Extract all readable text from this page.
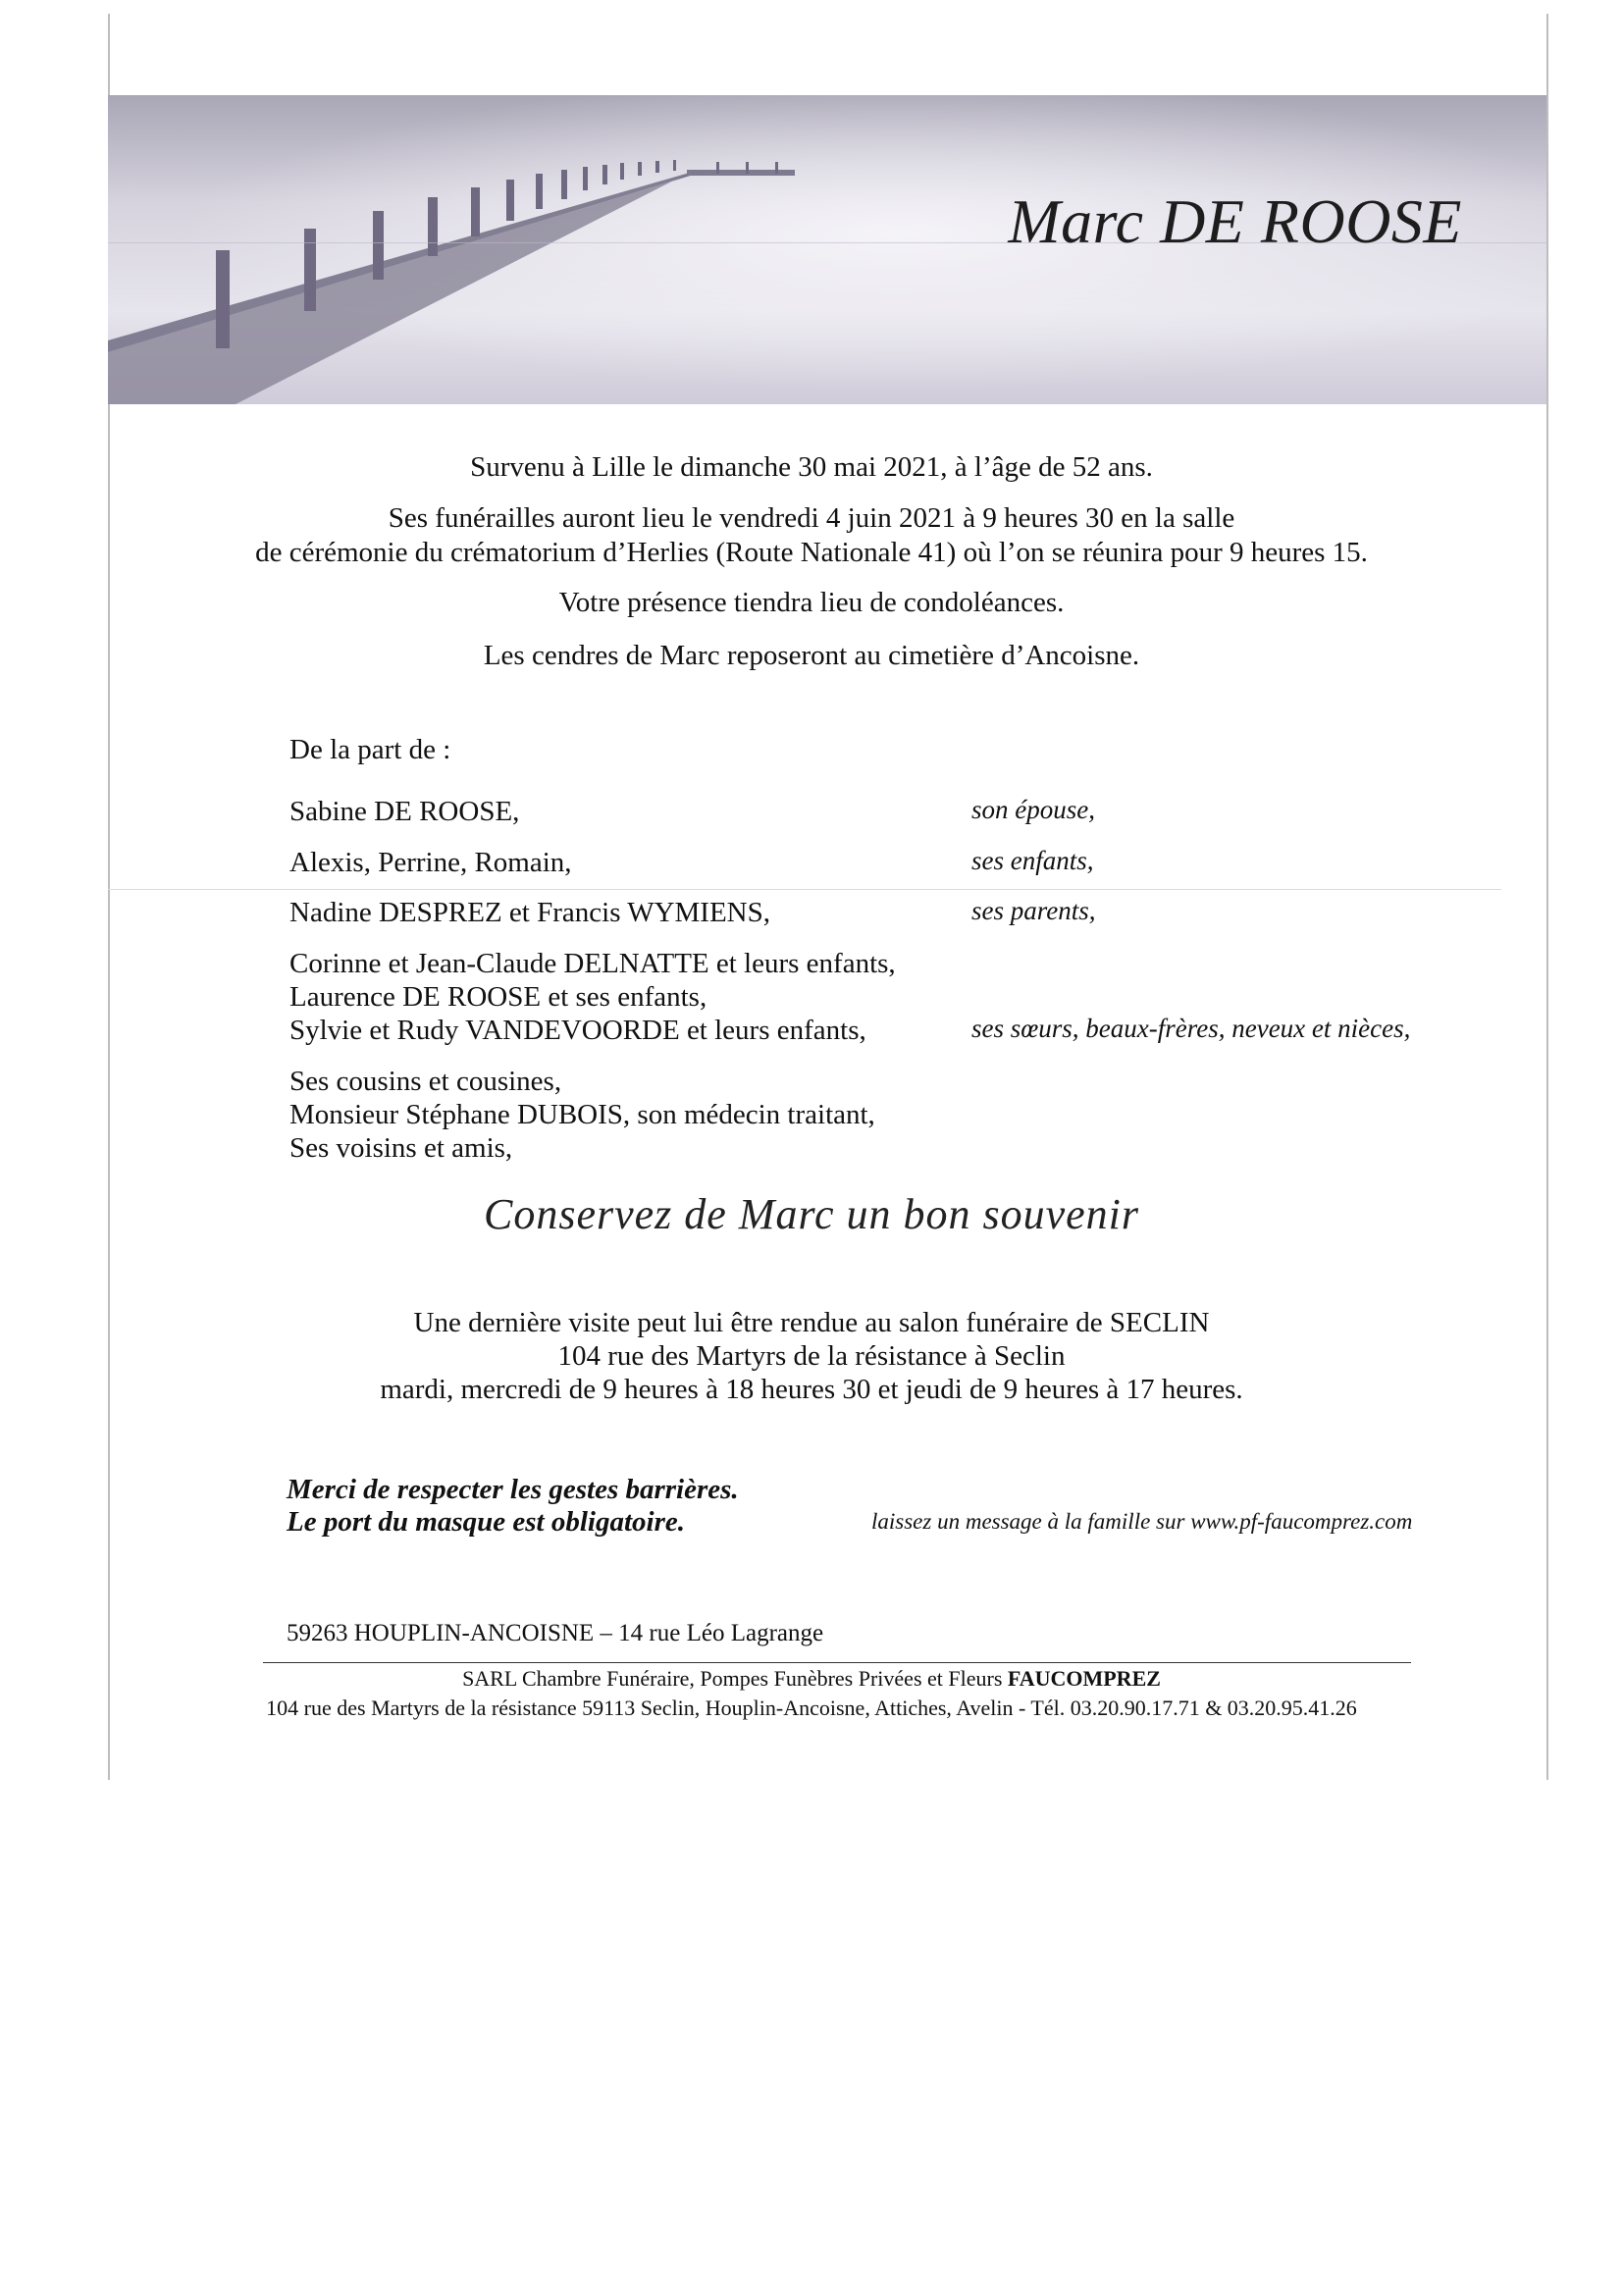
Marc DE ROOSE
Survenu à Lille le dimanche 30 mai 2021, à l’âge de 52 ans.
Ses funérailles auront lieu le vendredi 4 juin 2021 à 9 heures 30 en la salle
de cérémonie du crématorium d’Herlies (Route Nationale 41) où l’on se réunira pour 9 heures 15.
Votre présence tiendra lieu de condoléances.
Les cendres de Marc reposeront au cimetière d’Ancoisne.
De la part de :
Sabine DE ROOSE,	son épouse,
Alexis, Perrine, Romain,	ses enfants,
Nadine DESPREZ et Francis WYMIENS,	ses parents,
Corinne et Jean-Claude DELNATTE et leurs enfants,
Laurence DE ROOSE et ses enfants,
Sylvie et Rudy VANDEVOORDE et leurs enfants,	ses sœurs, beaux-frères, neveux et nièces,
Ses cousins et cousines,
Monsieur Stéphane DUBOIS, son médecin traitant,
Ses voisins et amis,
Conservez de Marc un bon souvenir
Une dernière visite peut lui être rendue au salon funéraire de SECLIN
104 rue des Martyrs de la résistance à Seclin
mardi, mercredi de 9 heures à 18 heures 30 et jeudi de 9 heures à 17 heures.
Merci de respecter les gestes barrières.
Le port du masque est obligatoire.	laissez un message à la famille sur www.pf-faucomprez.com
59263 HOUPLIN-ANCOISNE – 14 rue Léo Lagrange
SARL Chambre Funéraire, Pompes Funèbres Privées et Fleurs FAUCOMPREZ
104 rue des Martyrs de la résistance 59113 Seclin, Houplin-Ancoisne, Attiches, Avelin - Tél. 03.20.90.17.71 & 03.20.95.41.26
